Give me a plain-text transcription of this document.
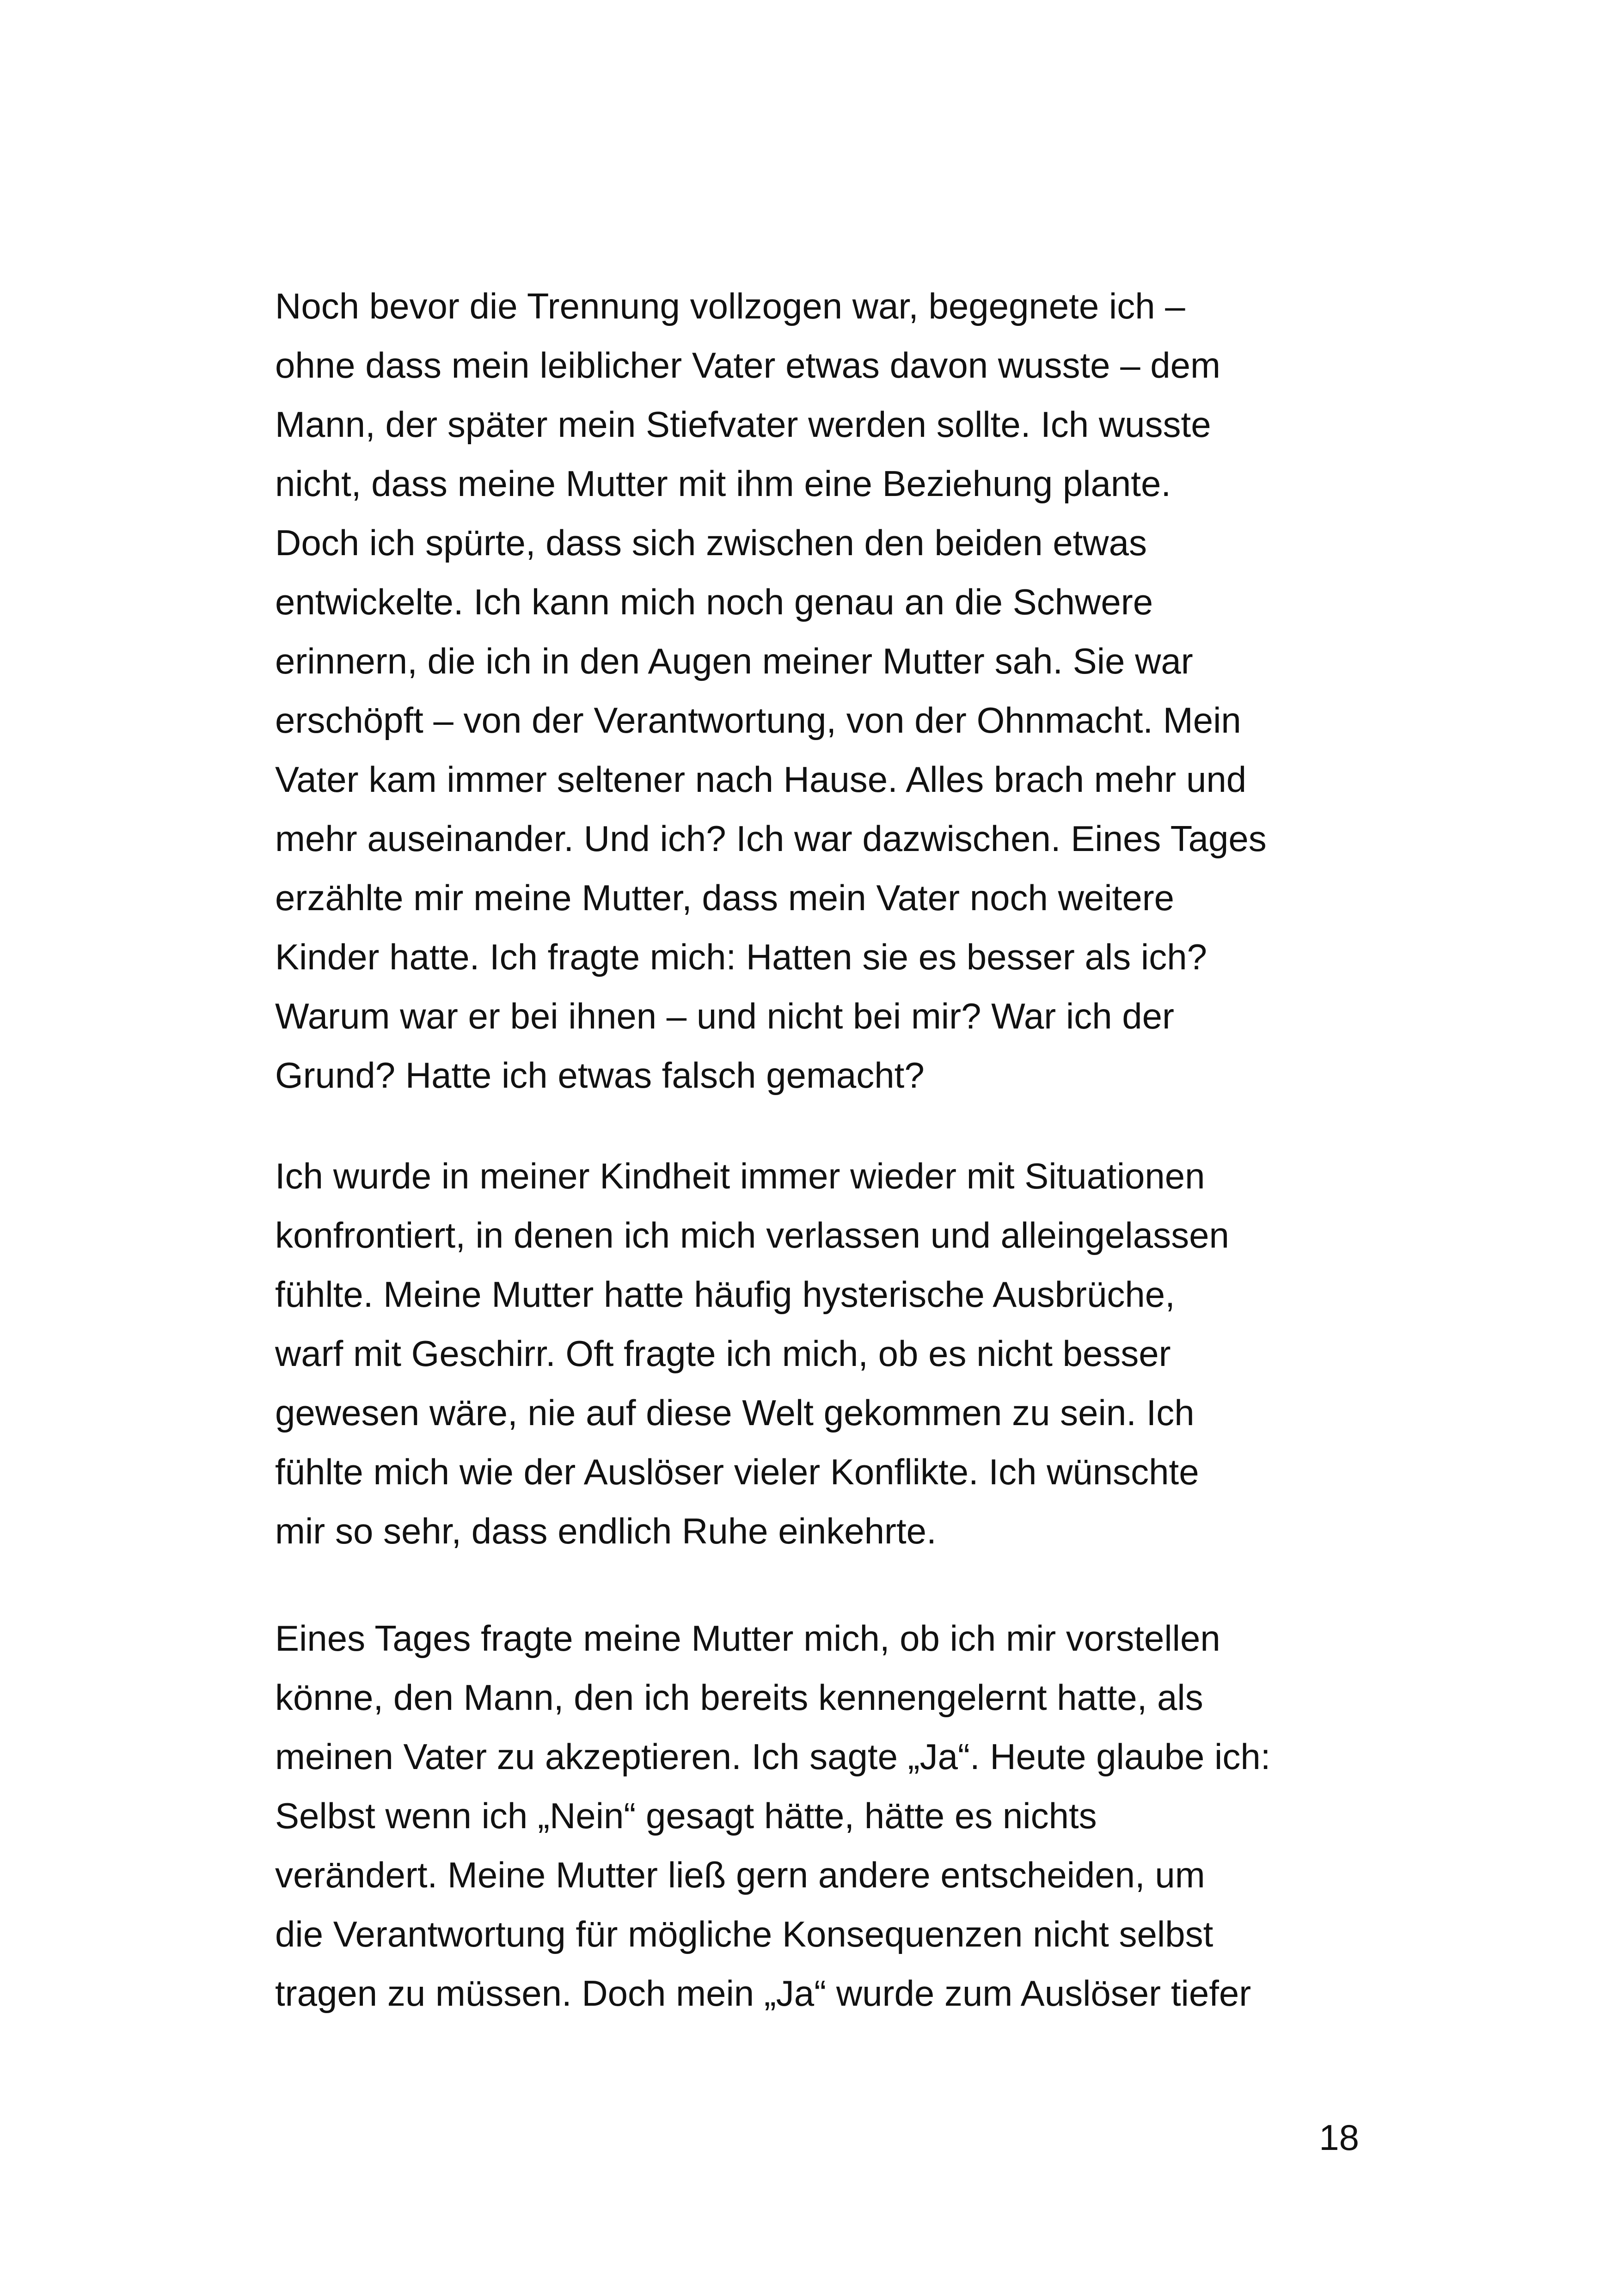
Noch bevor die Trennung vollzogen war, begegnete ich –
ohne dass mein leiblicher Vater etwas davon wusste – dem
Mann, der später mein Stiefvater werden sollte. Ich wusste
nicht, dass meine Mutter mit ihm eine Beziehung plante.
Doch ich spürte, dass sich zwischen den beiden etwas
entwickelte. Ich kann mich noch genau an die Schwere
erinnern, die ich in den Augen meiner Mutter sah. Sie war
erschöpft – von der Verantwortung, von der Ohnmacht. Mein
Vater kam immer seltener nach Hause. Alles brach mehr und
mehr auseinander. Und ich? Ich war dazwischen. Eines Tages
erzählte mir meine Mutter, dass mein Vater noch weitere
Kinder hatte. Ich fragte mich: Hatten sie es besser als ich?
Warum war er bei ihnen – und nicht bei mir? War ich der
Grund? Hatte ich etwas falsch gemacht?
Ich wurde in meiner Kindheit immer wieder mit Situationen
konfrontiert, in denen ich mich verlassen und alleingelassen
fühlte. Meine Mutter hatte häufig hysterische Ausbrüche,
warf mit Geschirr. Oft fragte ich mich, ob es nicht besser
gewesen wäre, nie auf diese Welt gekommen zu sein. Ich
fühlte mich wie der Auslöser vieler Konflikte. Ich wünschte
mir so sehr, dass endlich Ruhe einkehrte.
Eines Tages fragte meine Mutter mich, ob ich mir vorstellen
könne, den Mann, den ich bereits kennengelernt hatte, als
meinen Vater zu akzeptieren. Ich sagte „Ja“. Heute glaube ich:
Selbst wenn ich „Nein“ gesagt hätte, hätte es nichts
verändert. Meine Mutter ließ gern andere entscheiden, um
die Verantwortung für mögliche Konsequenzen nicht selbst
tragen zu müssen. Doch mein „Ja“ wurde zum Auslöser tiefer
18
